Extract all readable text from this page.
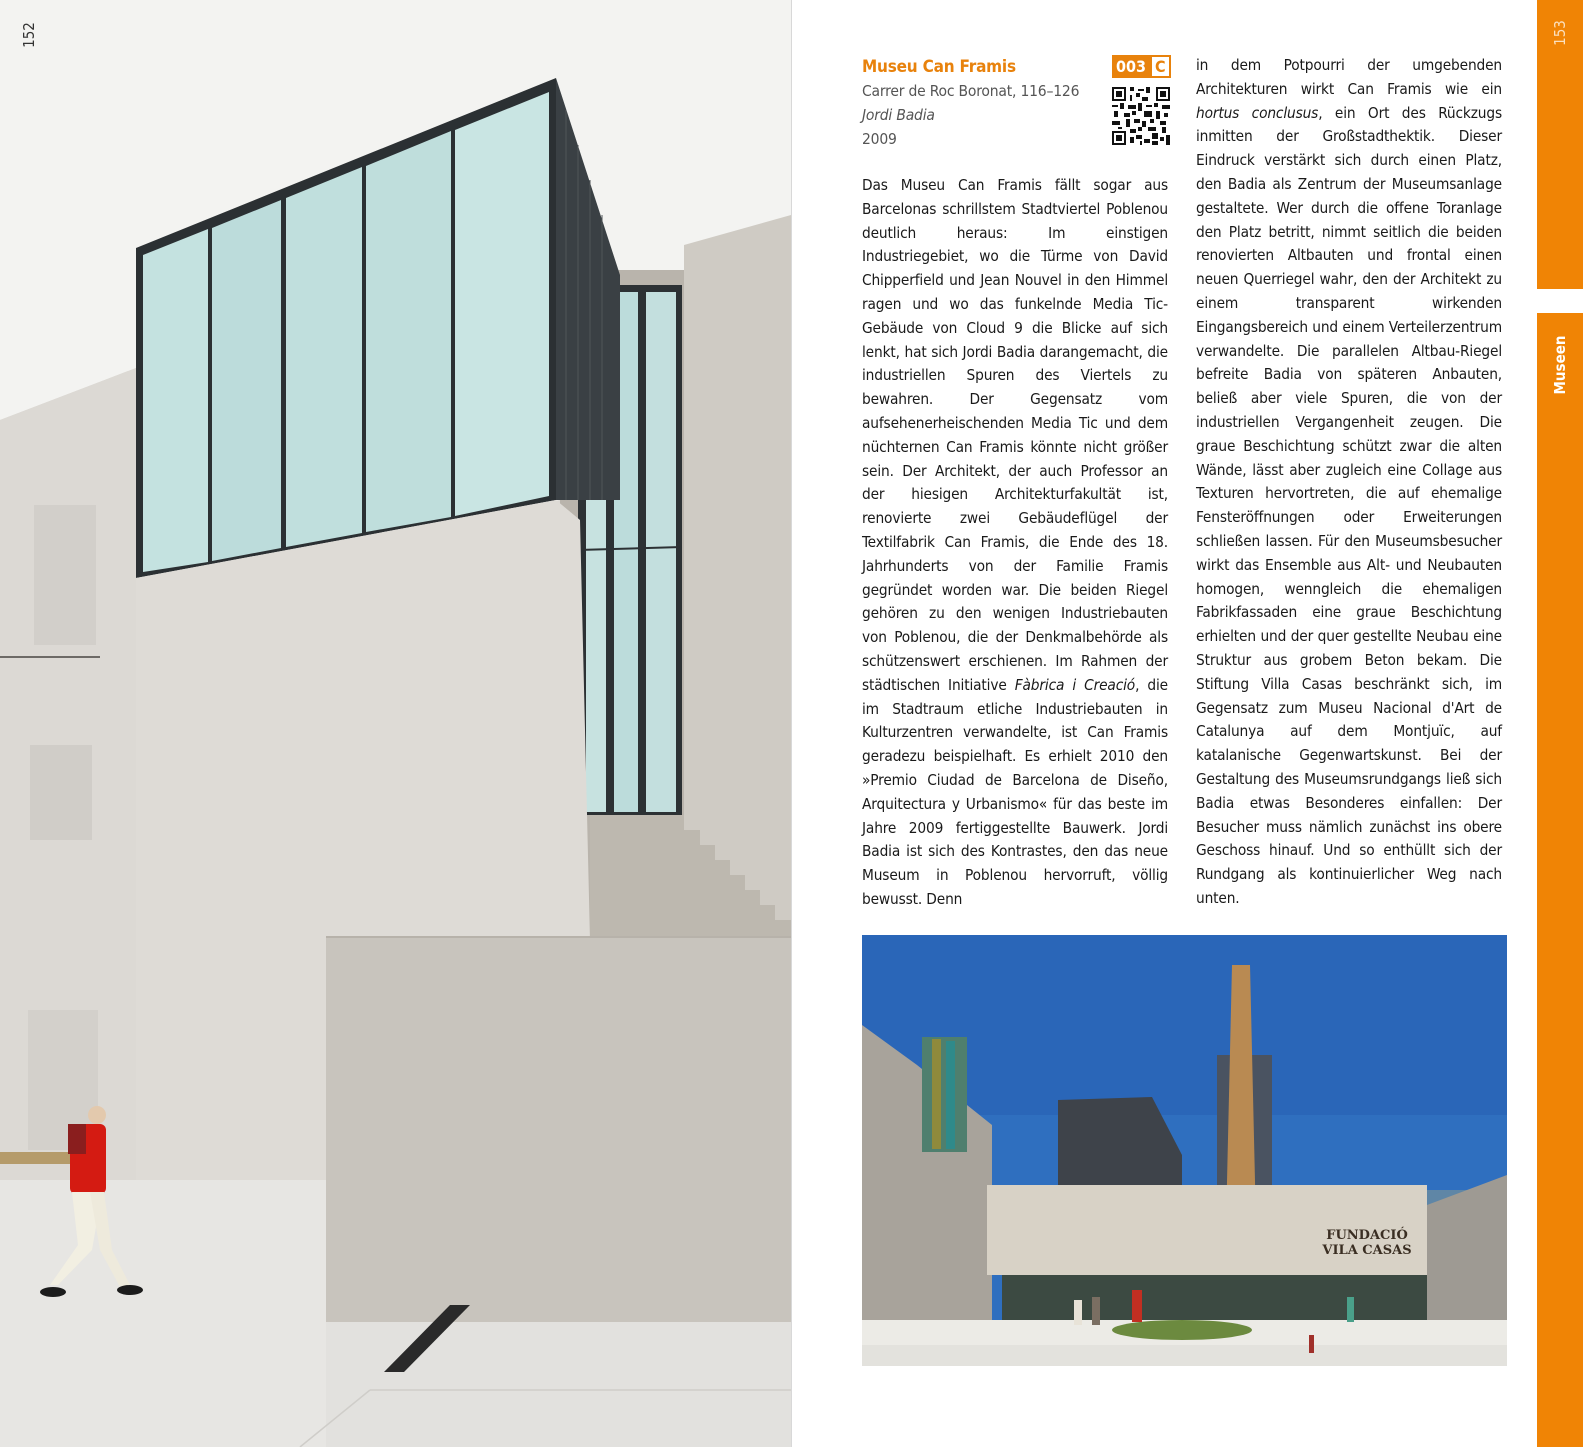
152
Museu Can Framis
Carrer de Roc Boronat, 116–126
Jordi Badia
2009
003 C

Das Museu Can Framis fällt sogar aus Barcelonas schrillstem Stadtviertel Poblenou deutlich heraus: Im einstigen Industriegebiet, wo die Türme von David Chipperfield und Jean Nouvel in den Himmel ragen und wo das funkelnde Media Tic-Gebäude von Cloud 9 die Blicke auf sich lenkt, hat sich Jordi Badia darangemacht, die industriellen Spuren des Viertels zu bewahren. Der Gegensatz vom aufsehenerheischenden Media Tic und dem nüchternen Can Framis könnte nicht größer sein. Der Architekt, der auch Professor an der hiesigen Architekturfakultät ist, renovierte zwei Gebäudeflügel der Textilfabrik Can Framis, die Ende des 18. Jahrhunderts von der Familie Framis gegründet worden war. Die beiden Riegel gehören zu den wenigen Industriebauten von Poblenou, die der Denkmalbehörde als schützenswert erschienen. Im Rahmen der städtischen Initiative Fàbrica i Creació, die im Stadtraum etliche Industriebauten in Kulturzentren verwandelte, ist Can Framis geradezu beispielhaft. Es erhielt 2010 den »Premio Ciudad de Barcelona de Diseño, Arquitectura y Urbanismo« für das beste im Jahre 2009 fertiggestellte Bauwerk. Jordi Badia ist sich des Kontrastes, den das neue Museum in Poblenou hervorruft, völlig bewusst. Denn

in dem Potpourri der umgebenden Architekturen wirkt Can Framis wie ein hortus conclusus, ein Ort des Rückzugs inmitten der Großstadthektik. Dieser Eindruck verstärkt sich durch einen Platz, den Badia als Zentrum der Museumsanlage gestaltete. Wer durch die offene Toranlage den Platz betritt, nimmt seitlich die beiden renovierten Altbauten und frontal einen neuen Querriegel wahr, den der Architekt zu einem transparent wirkenden Eingangsbereich und einem Verteilerzentrum verwandelte. Die parallelen Altbau-Riegel befreite Badia von späteren Anbauten, beließ aber viele Spuren, die von der industriellen Vergangenheit zeugen. Die graue Beschichtung schützt zwar die alten Wände, lässt aber zugleich eine Collage aus Texturen hervortreten, die auf ehemalige Fensteröffnungen oder Erweiterungen schließen lassen. Für den Museumsbesucher wirkt das Ensemble aus Alt- und Neubauten homogen, wenngleich die ehemaligen Fabrikfassaden eine graue Beschichtung erhielten und der quer gestellte Neubau eine Struktur aus grobem Beton bekam. Die Stiftung Villa Casas beschränkt sich, im Gegensatz zum Museu Nacional d'Art de Catalunya auf dem Montjuïc, auf katalanische Gegenwartskunst. Bei der Gestaltung des Museumsrundgangs ließ sich Badia etwas Besonderes einfallen: Der Besucher muss nämlich zunächst ins obere Geschoss hinauf. Und so enthüllt sich der Rundgang als kontinuierlicher Weg nach unten.

FUNDACIÓ
VILA CASAS
153
Museen
